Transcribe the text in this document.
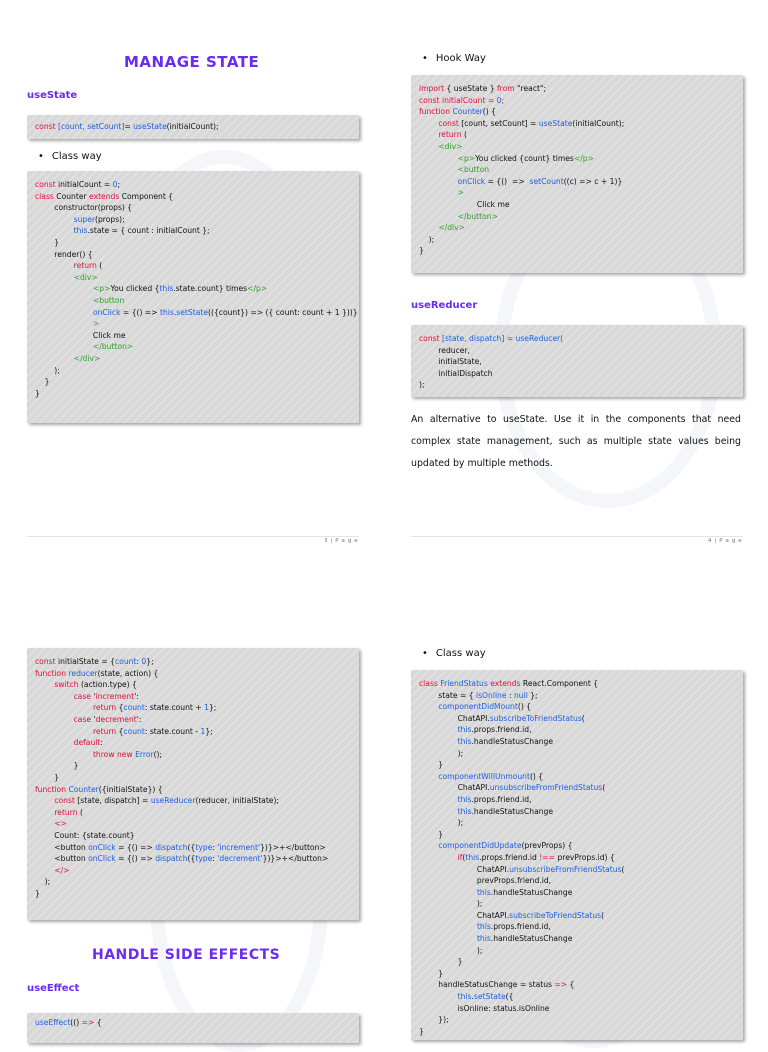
MANAGE STATE
useState
const [count, setCount]= useState(initialCount);
• Class way
const initialCount = 0;
class Counter extends Component {
constructor(props) {
super(props);
this.state = { count : initialCount };
}
render() {
return (
<div>
<p>You clicked {this.state.count} times</p>
<button
onClick = {() => this.setState(({count}) => ({ count: count + 1 }))}
>
Click me
</button>
</div>
);
}
}
3 | P a g e
• Hook Way
import { useState } from "react";
const initialCount = 0;
function Counter() {
const [count, setCount] = useState(initialCount);
return (
<div>
<p>You clicked {count} times</p>
<button
onClick = {()  =>  setCount((c) => c + 1)}
>
Click me
</button>
</div>
);
}
useReducer
const [state, dispatch] = useReducer(
reducer,
initialState,
initialDispatch
);
An alternative to useState. Use it in the components that need complex state management, such as multiple state values being updated by multiple methods.
4 | P a g e
const initialState = {count: 0};
function reducer(state, action) {
switch (action.type) {
case 'increment':
return {count: state.count + 1};
case 'decrement':
return {count: state.count - 1};
default:
throw new Error();
}
}
function Counter({initialState}) {
const [state, dispatch] = useReducer(reducer, initialState);
return (
<>
Count: {state.count}
<button onClick = {() => dispatch({type: 'increment'})}>+</button>
<button onClick = {() => dispatch({type: 'decrement'})}>+</button>
</>
);
}
HANDLE SIDE EFFECTS
useEffect
useEffect(() => {
• Class way
class FriendStatus extends React.Component {
state = { isOnline : null };
componentDidMount() {
ChatAPI.subscribeToFriendStatus(
this.props.friend.id,
this.handleStatusChange
);
}
componentWillUnmount() {
ChatAPI.unsubscribeFromFriendStatus(
this.props.friend.id,
this.handleStatusChange
);
}
componentDidUpdate(prevProps) {
if(this.props.friend.id !== prevProps.id) {
ChatAPI.unsubscribeFromFriendStatus(
prevProps.friend.id,
this.handleStatusChange
);
ChatAPI.subscribeToFriendStatus(
this.props.friend.id,
this.handleStatusChange
);
}
}
handleStatusChange = status => {
this.setState({
isOnline: status.isOnline
});
}
